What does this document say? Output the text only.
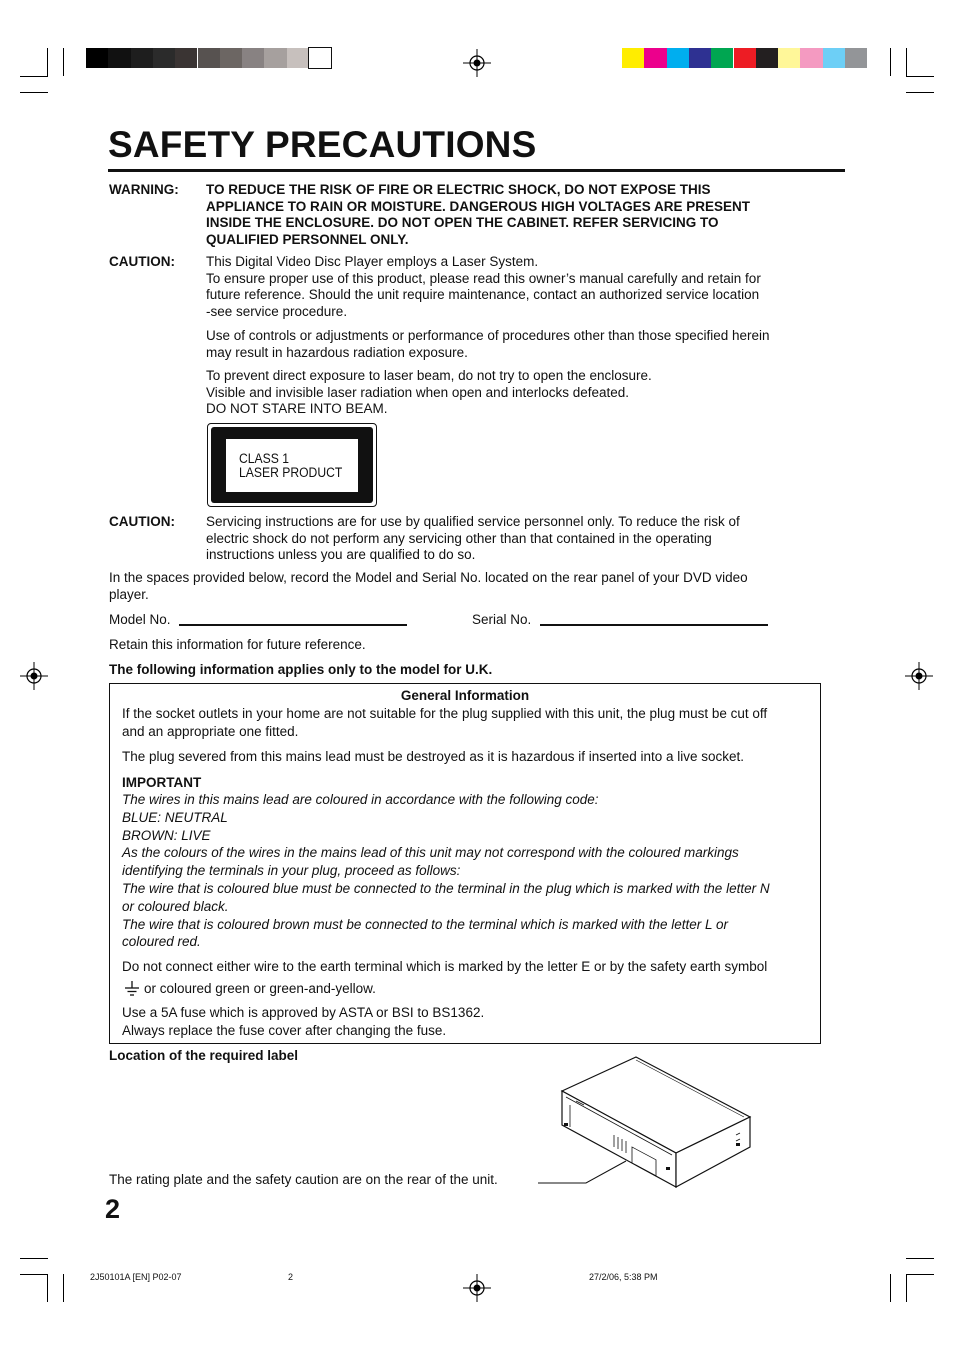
SAFETY PRECAUTIONS
WARNING: TO REDUCE THE RISK OF FIRE OR ELECTRIC SHOCK, DO NOT EXPOSE THIS
APPLIANCE TO RAIN OR MOISTURE. DANGEROUS HIGH VOLTAGES ARE PRESENT
INSIDE THE ENCLOSURE. DO NOT OPEN THE CABINET. REFER SERVICING TO
QUALIFIED PERSONNEL ONLY.
CAUTION: This Digital Video Disc Player employs a Laser System.
To ensure proper use of this product, please read this owner’s manual carefully and retain for
future reference. Should the unit require maintenance, contact an authorized service location
-see service procedure.
Use of controls or adjustments or performance of procedures other than those specified herein
may result in hazardous radiation exposure.
To prevent direct exposure to laser beam, do not try to open the enclosure.
Visible and invisible laser radiation when open and interlocks defeated.
DO NOT STARE INTO BEAM.
CLASS 1
LASER PRODUCT
CAUTION: Servicing instructions are for use by qualified service personnel only. To reduce the risk of
electric shock do not perform any servicing other than that contained in the operating
instructions unless you are qualified to do so.
In the spaces provided below, record the Model and Serial No. located on the rear panel of your DVD video
player.
Model No.	Serial No.
Retain this information for future reference.
The following information applies only to the model for U.K.
General Information
If the socket outlets in your home are not suitable for the plug supplied with this unit, the plug must be cut off
and an appropriate one fitted.
The plug severed from this mains lead must be destroyed as it is hazardous if inserted into a live socket.
IMPORTANT
The wires in this mains lead are coloured in accordance with the following code:
BLUE: NEUTRAL
BROWN: LIVE
As the colours of the wires in the mains lead of this unit may not correspond with the coloured markings
identifying the terminals in your plug, proceed as follows:
The wire that is coloured blue must be connected to the terminal in the plug which is marked with the letter N
or coloured black.
The wire that is coloured brown must be connected to the terminal which is marked with the letter L or
coloured red.
Do not connect either wire to the earth terminal which is marked by the letter E or by the safety earth symbol
or coloured green or green-and-yellow.
Use a 5A fuse which is approved by ASTA or BSI to BS1362.
Always replace the fuse cover after changing the fuse.
Location of the required label
The rating plate and the safety caution are on the rear of the unit.
2
2J50101A [EN] P02-07	2	27/2/06, 5:38 PM
